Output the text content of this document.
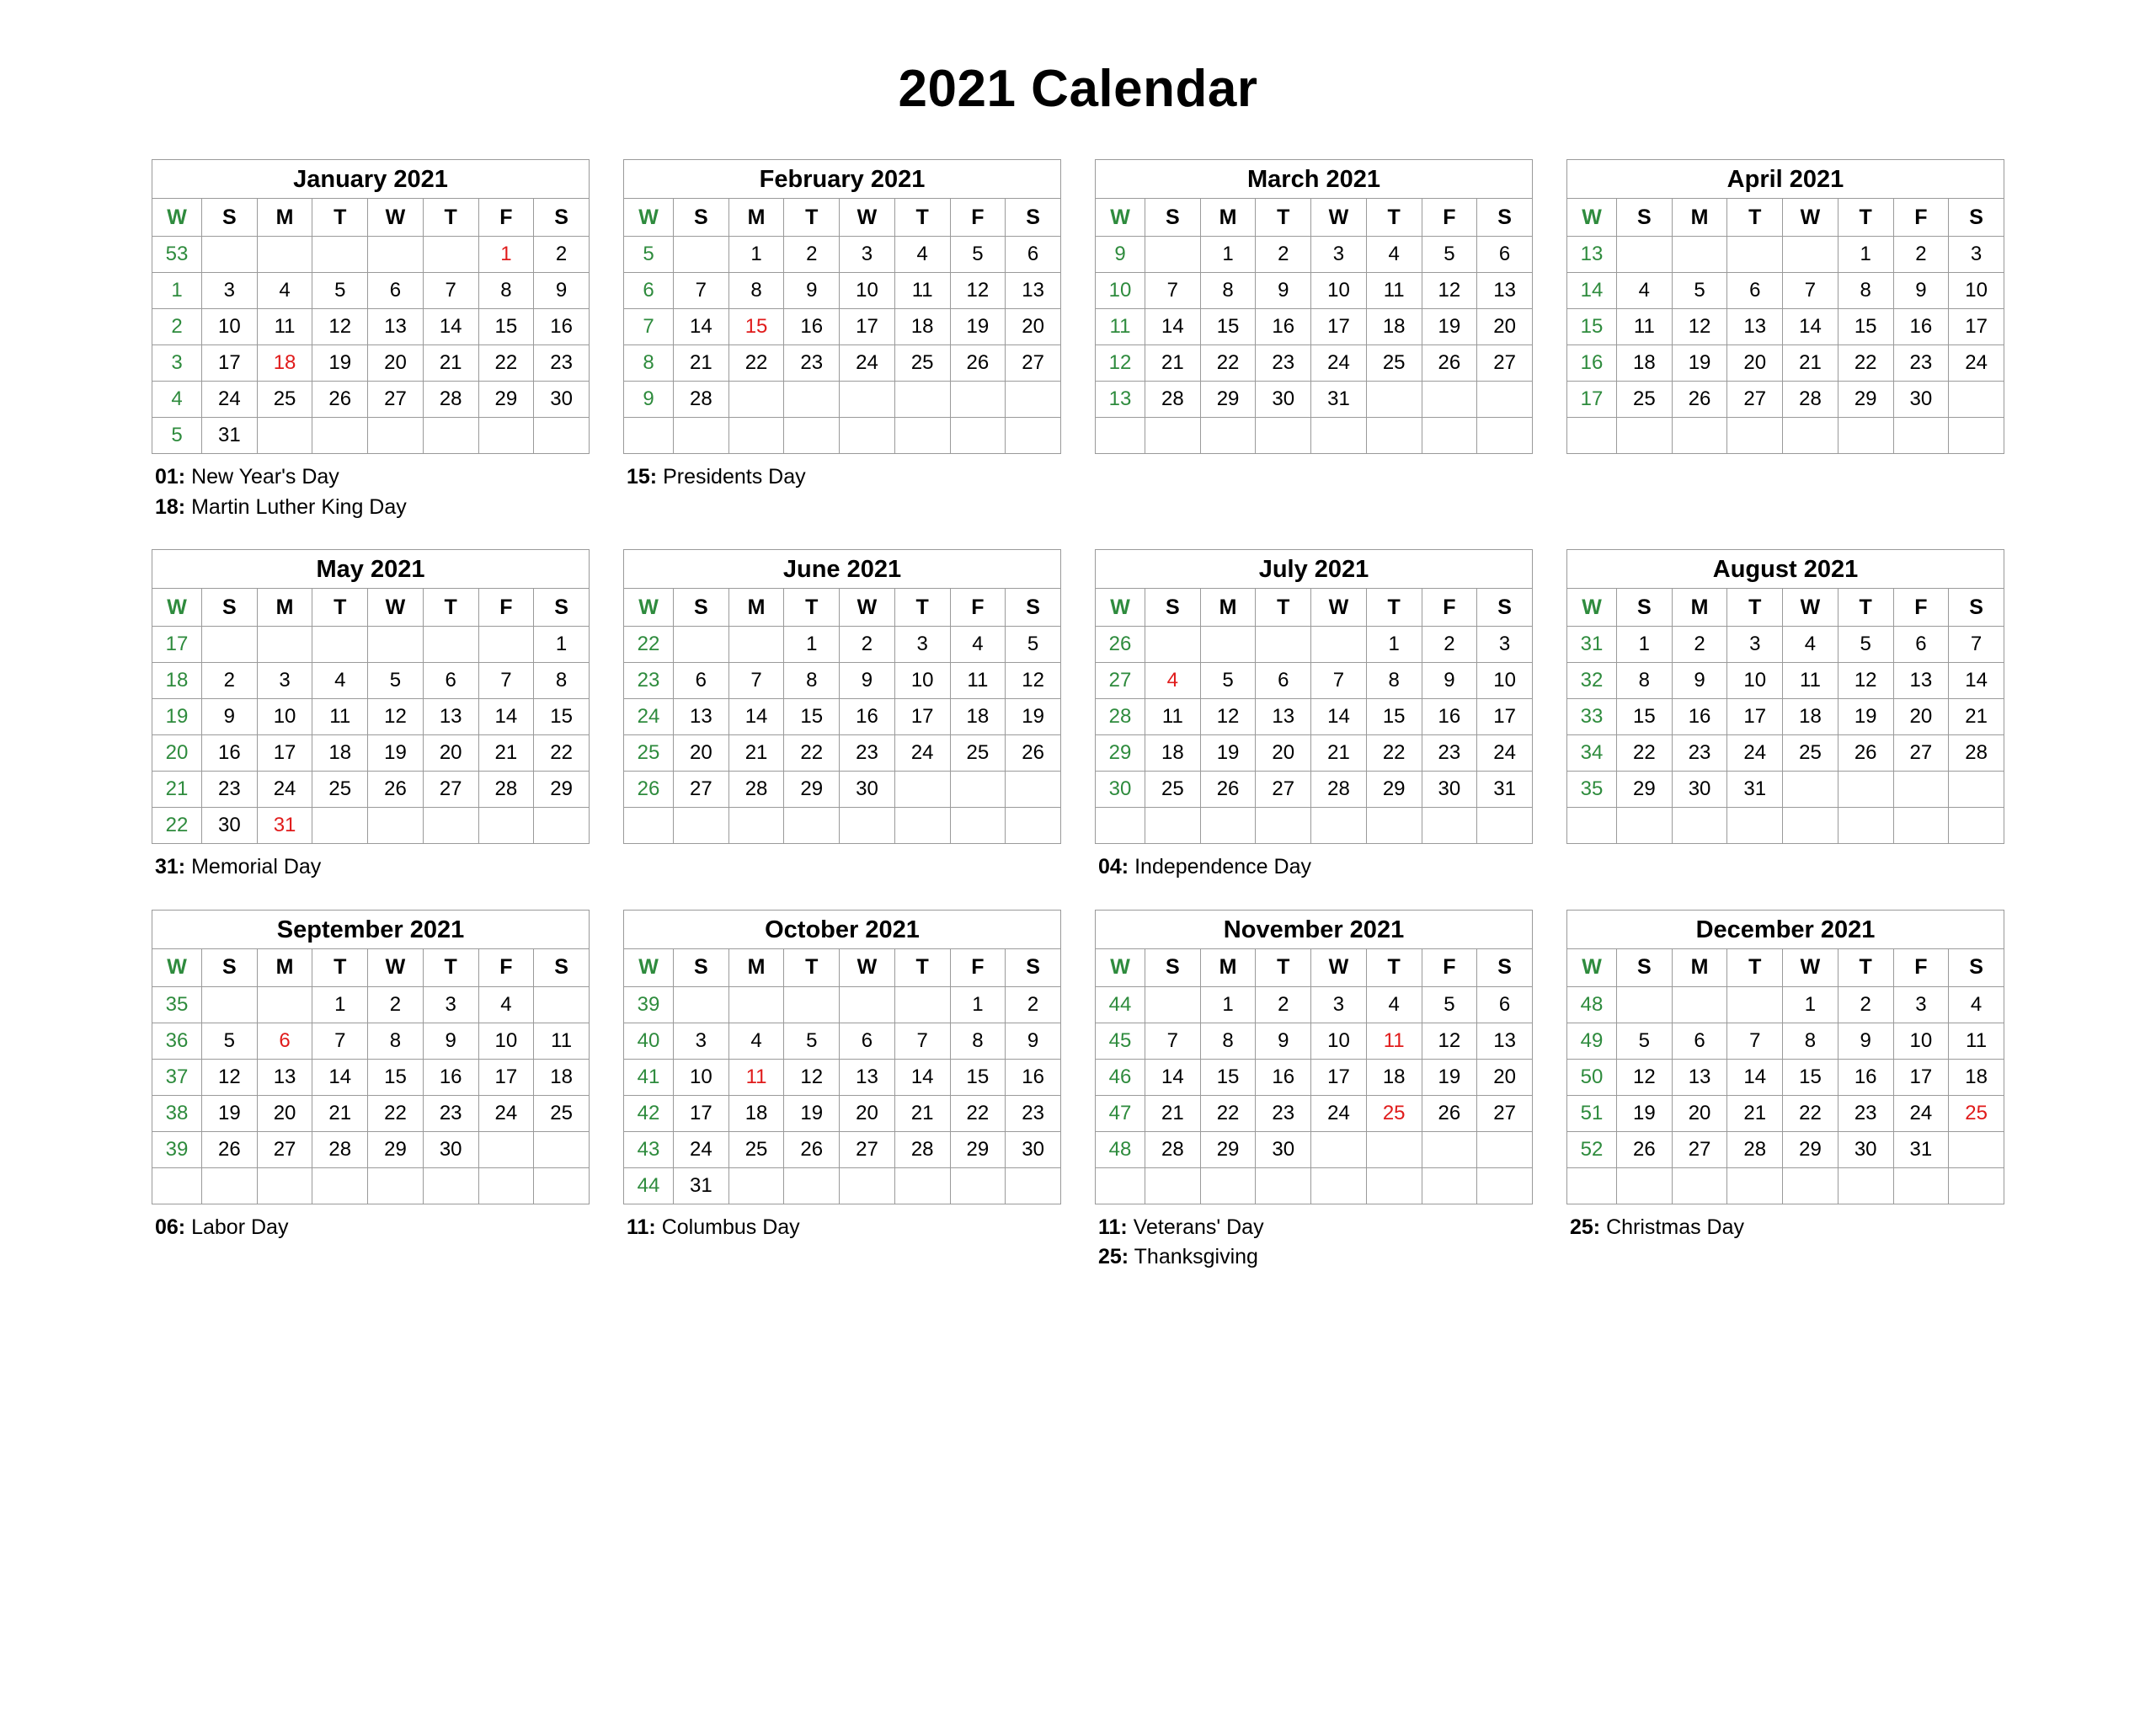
2021 Calendar
January 2021
W	S	M	T	W	T	F	S
53						1	2
1	3	4	5	6	7	8	9
2	10	11	12	13	14	15	16
3	17	18	19	20	21	22	23
4	24	25	26	27	28	29	30
5	31						
01: New Year's Day
18: Martin Luther King Day
February 2021
W	S	M	T	W	T	F	S
5		1	2	3	4	5	6
6	7	8	9	10	11	12	13
7	14	15	16	17	18	19	20
8	21	22	23	24	25	26	27
9	28						

15: Presidents Day
March 2021
W	S	M	T	W	T	F	S
9		1	2	3	4	5	6
10	7	8	9	10	11	12	13
11	14	15	16	17	18	19	20
12	21	22	23	24	25	26	27
13	28	29	30	31			

April 2021
W	S	M	T	W	T	F	S
13					1	2	3
14	4	5	6	7	8	9	10
15	11	12	13	14	15	16	17
16	18	19	20	21	22	23	24
17	25	26	27	28	29	30	

May 2021
W	S	M	T	W	T	F	S
17							1
18	2	3	4	5	6	7	8
19	9	10	11	12	13	14	15
20	16	17	18	19	20	21	22
21	23	24	25	26	27	28	29
22	30	31					
31: Memorial Day
June 2021
W	S	M	T	W	T	F	S
22			1	2	3	4	5
23	6	7	8	9	10	11	12
24	13	14	15	16	17	18	19
25	20	21	22	23	24	25	26
26	27	28	29	30			

July 2021
W	S	M	T	W	T	F	S
26					1	2	3
27	4	5	6	7	8	9	10
28	11	12	13	14	15	16	17
29	18	19	20	21	22	23	24
30	25	26	27	28	29	30	31

04: Independence Day
August 2021
W	S	M	T	W	T	F	S
31	1	2	3	4	5	6	7
32	8	9	10	11	12	13	14
33	15	16	17	18	19	20	21
34	22	23	24	25	26	27	28
35	29	30	31				

September 2021
W	S	M	T	W	T	F	S
35			1	2	3	4	
36	5	6	7	8	9	10	11
37	12	13	14	15	16	17	18
38	19	20	21	22	23	24	25
39	26	27	28	29	30		

06: Labor Day
October 2021
W	S	M	T	W	T	F	S
39						1	2
40	3	4	5	6	7	8	9
41	10	11	12	13	14	15	16
42	17	18	19	20	21	22	23
43	24	25	26	27	28	29	30
44	31						
11: Columbus Day
November 2021
W	S	M	T	W	T	F	S
44		1	2	3	4	5	6
45	7	8	9	10	11	12	13
46	14	15	16	17	18	19	20
47	21	22	23	24	25	26	27
48	28	29	30				

11: Veterans' Day
25: Thanksgiving
December 2021
W	S	M	T	W	T	F	S
48				1	2	3	4
49	5	6	7	8	9	10	11
50	12	13	14	15	16	17	18
51	19	20	21	22	23	24	25
52	26	27	28	29	30	31	

25: Christmas Day
